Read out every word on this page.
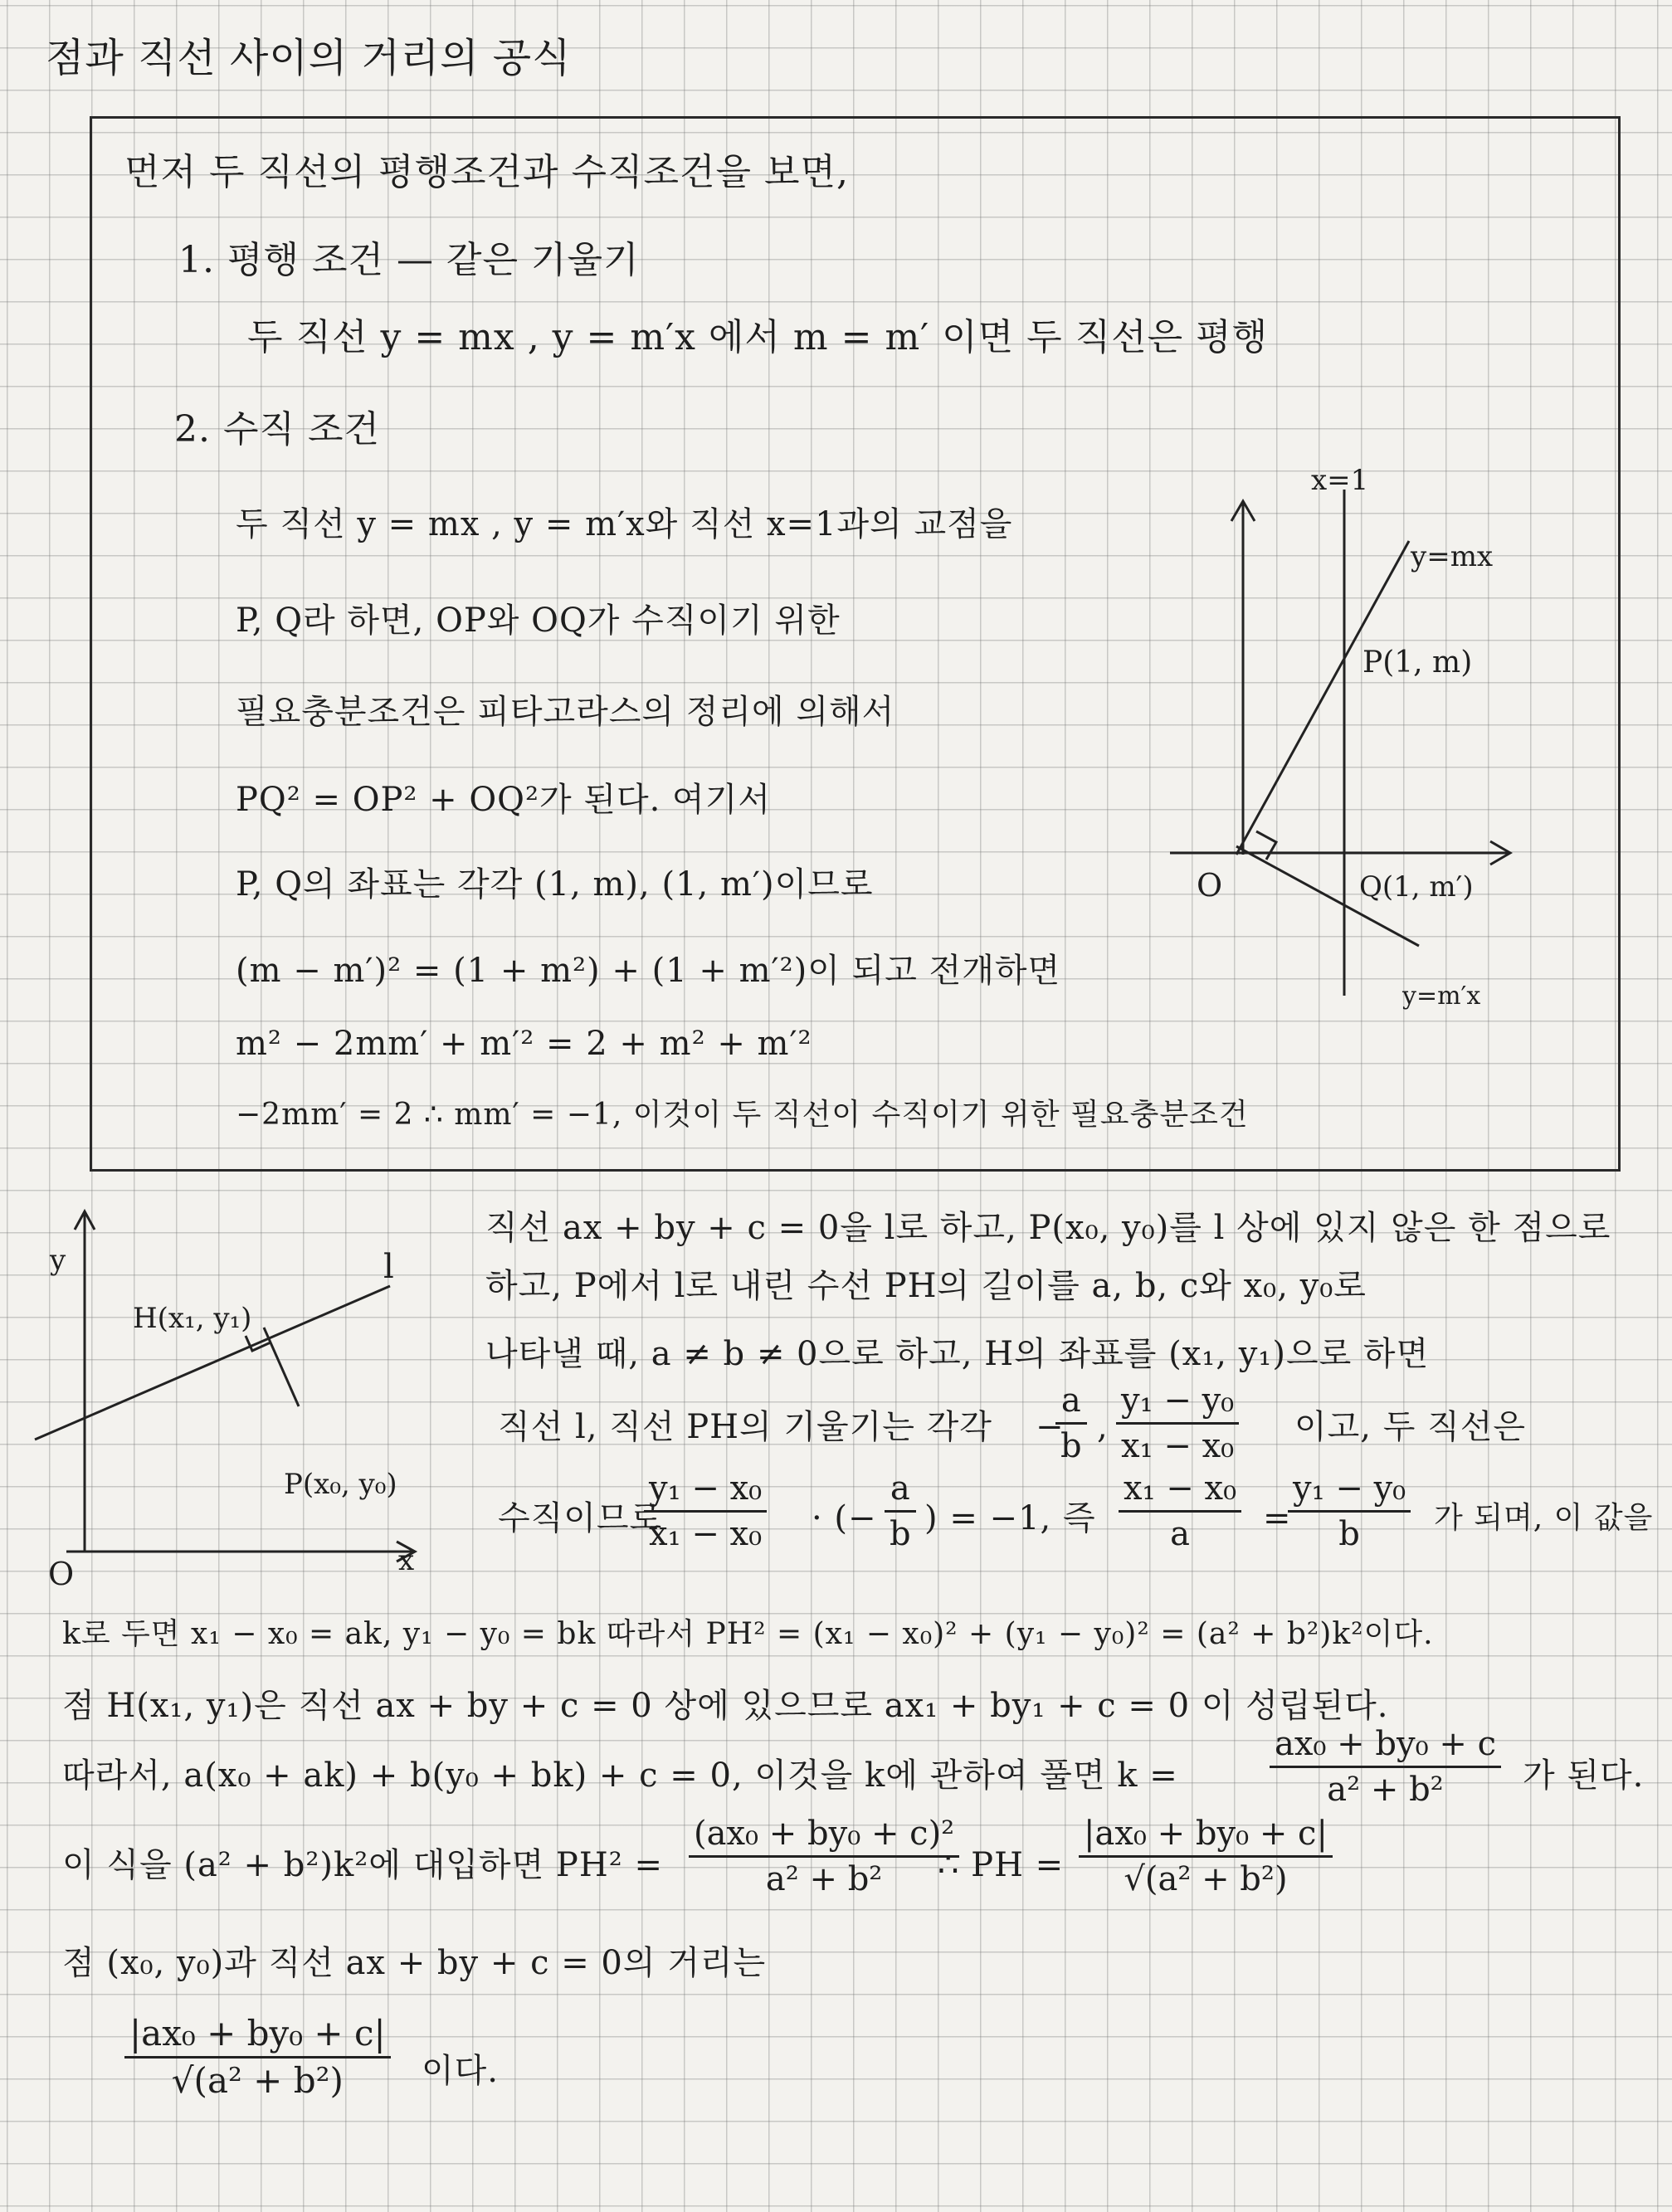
점과 직선 사이의 거리의 공식
먼저 두 직선의 평행조건과 수직조건을 보면,
1. 평행 조건 — 같은 기울기
두 직선 y = mx , y = m′x 에서 m = m′ 이면 두 직선은 평행
2. 수직 조건
두 직선 y = mx , y = m′x와 직선 x=1과의 교점을
P, Q라 하면, OP와 OQ가 수직이기 위한
필요충분조건은 피타고라스의 정리에 의해서
PQ² = OP² + OQ²가 된다. 여기서
P, Q의 좌표는 각각 (1, m), (1, m′)이므로
(m − m′)² = (1 + m²) + (1 + m′²)이 되고 전개하면
m² − 2mm′ + m′² = 2 + m² + m′²
−2mm′ = 2 ∴ mm′ = −1, 이것이 두 직선이 수직이기 위한 필요충분조건
x=1
y=mx
P(1, m)
O	Q(1, m′)
y=m′x
y
H(x₁, y₁)
l
P(x₀, y₀)
O	x
직선 ax + by + c = 0을 l로 하고, P(x₀, y₀)를 l 상에 있지 않은 한 점으로
하고, P에서 l로 내린 수선 PH의 길이를 a, b, c와 x₀, y₀로
나타낼 때, a ≠ b ≠ 0으로 하고, H의 좌표를 (x₁, y₁)으로 하면
직선 l, 직선 PH의 기울기는 각각 −
$\frac{a}{b}$ , $\frac{\text{y₁ − y₀}}{\text{x₁ − x₀}}$ 이고, 두 직선은
수직이므로
$\frac{\text{y₁ − x₀}}{\text{x₁ − x₀}}$ · (− $\frac{a}{b}$ ) = −1, 즉 $\frac{\text{x₁ − x₀}}{a}$ =
$\frac{\text{y₁ − y₀}}{b}$ 가 되며, 이 값을
k로 두면 x₁ − x₀ = ak, y₁ − y₀ = bk 따라서 PH² = (x₁ − x₀)² + (y₁ − y₀)² = (a² + b²)k²이다.
점 H(x₁, y₁)은 직선 ax + by + c = 0 상에 있으므로 ax₁ + by₁ + c = 0 이 성립된다.
따라서, a(x₀ + ak) + b(y₀ + bk) + c = 0, 이것을 k에 관하여 풀면 k =	$\frac{\text{ax₀ + by₀ + c}}{\text{a² + b²}}$ 가 된다.
이 식을 (a² + b²)k²에 대입하면 $PH^2 = \frac{\text{(ax₀ + by₀ + c)²}}{\text{a² + b²}}$
∴ PH = $\frac{\text{|ax₀ + by₀ + c|}}{\text{√(a² + b²)}}$
점 (x₀, y₀)과 직선 ax + by + c = 0의 거리는
$\frac{\text{|ax₀ + by₀ + c|}}{\text{√(a² + b²)}}$ 이다.
